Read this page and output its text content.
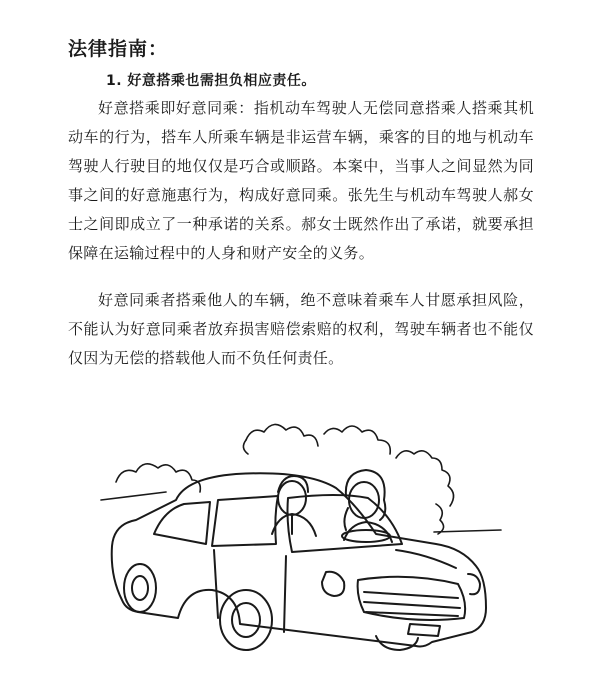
法律指南：
1. 好意搭乘也需担负相应责任。

好意搭乘即好意同乘：指机动车驾驶人无偿同意搭乘人搭乘其机动车的行为，搭车人所乘车辆是非运营车辆，乘客的目的地与机动车驾驶人行驶目的地仅仅是巧合或顺路。本案中，当事人之间显然为同事之间的好意施惠行为，构成好意同乘。张先生与机动车驾驶人郝女士之间即成立了一种承诺的关系。郝女士既然作出了承诺，就要承担保障在运输过程中的人身和财产安全的义务。

好意同乘者搭乘他人的车辆，绝不意味着乘车人甘愿承担风险，不能认为好意同乘者放弃损害赔偿索赔的权利，驾驶车辆者也不能仅仅因为无偿的搭载他人而不负任何责任。
